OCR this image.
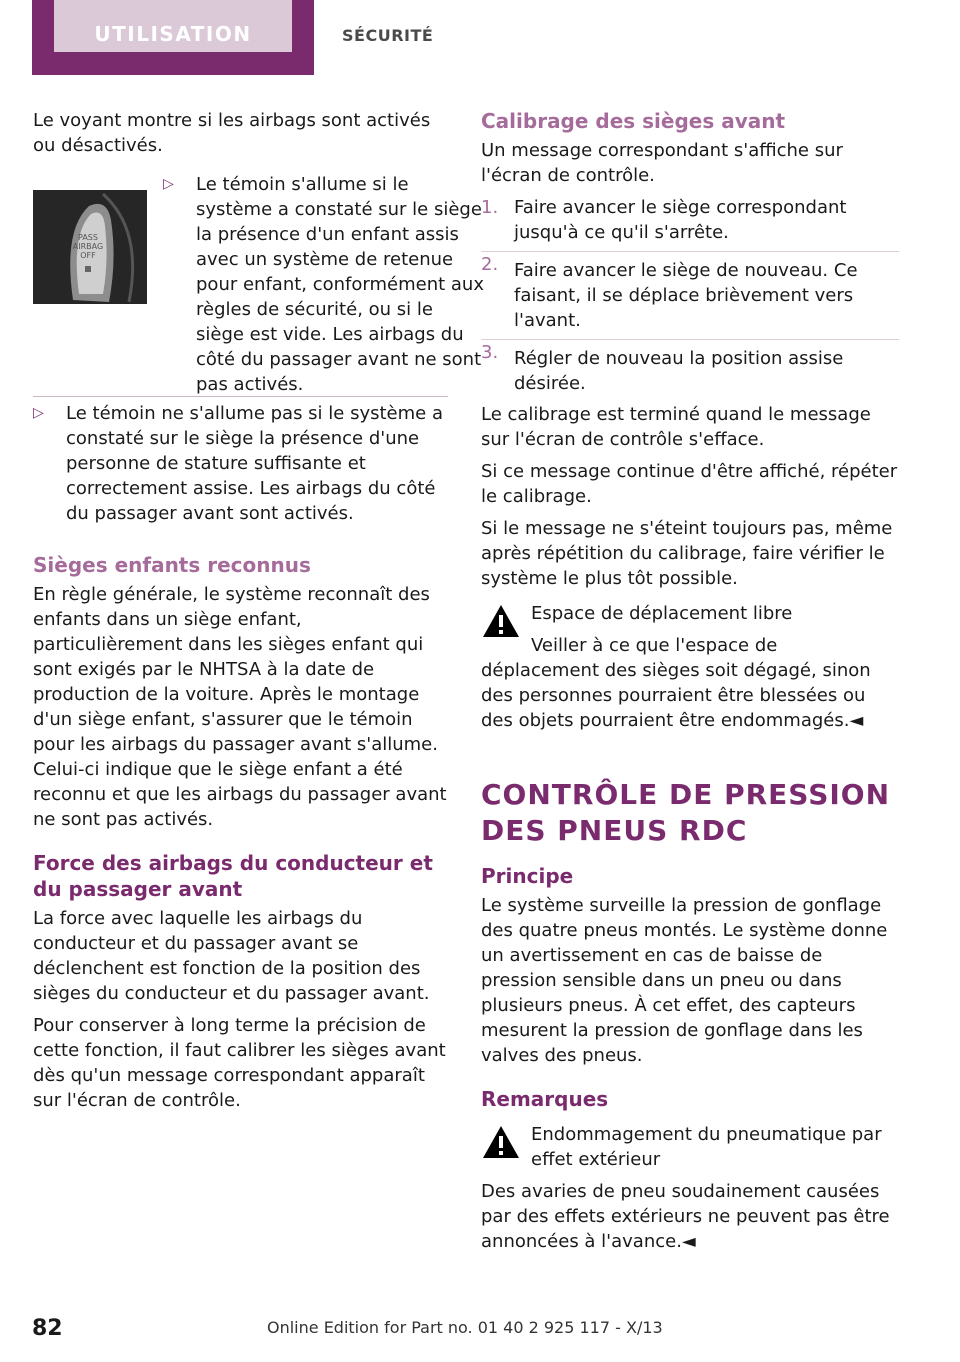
UTILISATION	SÉCURITÉ

Le voyant montre si les airbags sont activés ou désactivés.

PASS
AIRBAG
OFF
▷ Le témoin s'allume si le système a constaté sur le siège la présence d'un enfant assis avec un système de retenue pour enfant, conformément aux règles de sécurité, ou si le siège est vide. Les airbags du côté du passager avant ne sont pas activés.
▷ Le témoin ne s'allume pas si le système a constaté sur le siège la présence d'une personne de stature suffisante et correctement assise. Les airbags du côté du passager avant sont activés.
Sièges enfants reconnus

En règle générale, le système reconnaît des enfants dans un siège enfant, particulièrement dans les sièges enfant qui sont exigés par le NHTSA à la date de production de la voiture. Après le montage d'un siège enfant, s'assurer que le témoin pour les airbags du passager avant s'allume. Celui-ci indique que le siège enfant a été reconnu et que les airbags du passager avant ne sont pas activés.

Force des airbags du conducteur et du passager avant

La force avec laquelle les airbags du conducteur et du passager avant se déclenchent est fonction de la position des sièges du conducteur et du passager avant.

Pour conserver à long terme la précision de cette fonction, il faut calibrer les sièges avant dès qu'un message correspondant apparaît sur l'écran de contrôle.

Calibrage des sièges avant

Un message correspondant s'affiche sur l'écran de contrôle.

1. Faire avancer le siège correspondant jusqu'à ce qu'il s'arrête.
2. Faire avancer le siège de nouveau. Ce faisant, il se déplace brièvement vers l'avant.
3. Régler de nouveau la position assise désirée.

Le calibrage est terminé quand le message sur l'écran de contrôle s'efface.

Si ce message continue d'être affiché, répéter le calibrage.

Si le message ne s'éteint toujours pas, même après répétition du calibrage, faire vérifier le système le plus tôt possible.

Espace de déplacement libre

Veiller à ce que l'espace de déplacement des sièges soit dégagé, sinon des personnes pourraient être blessées ou des objets pourraient être endommagés.◄

CONTRÔLE DE PRESSION DES PNEUS RDC
Principe

Le système surveille la pression de gonflage des quatre pneus montés. Le système donne un avertissement en cas de baisse de pression sensible dans un pneu ou dans plusieurs pneus. À cet effet, des capteurs mesurent la pression de gonflage dans les valves des pneus.

Remarques

Endommagement du pneumatique par effet extérieur

Des avaries de pneu soudainement causées par des effets extérieurs ne peuvent pas être annoncées à l'avance.◄

82	Online Edition for Part no. 01 40 2 925 117 - X/13
